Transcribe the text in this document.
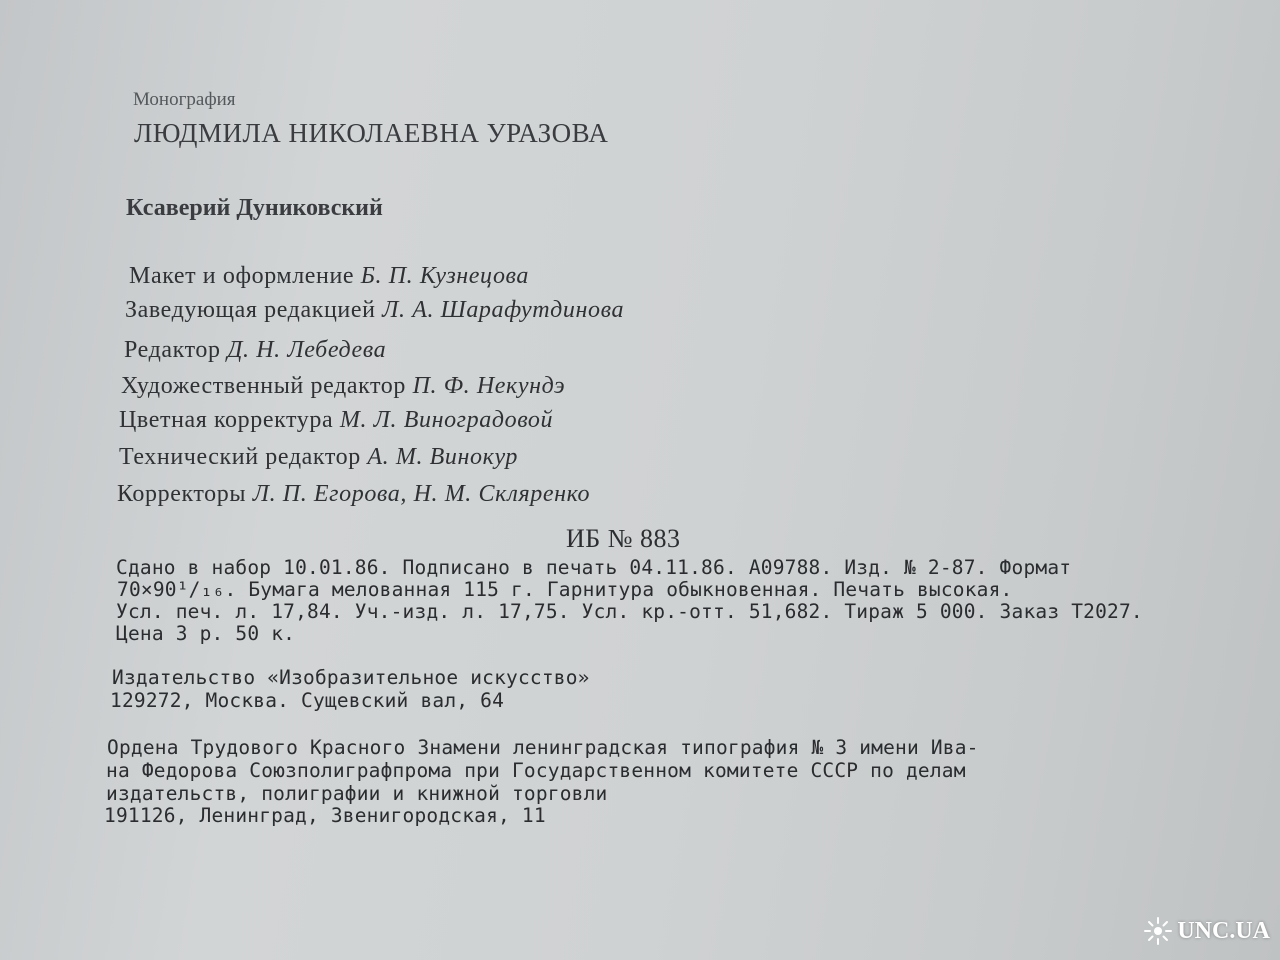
Монография
ЛЮДМИЛА НИКОЛАЕВНА УРАЗОВА
Ксаверий Дуниковский
Макет и оформление Б. П. Кузнецова
Заведующая редакцией Л. А. Шарафутдинова
Редактор Д. Н. Лебедева
Художественный редактор П. Ф. Некундэ
Цветная корректура М. Л. Виноградовой
Технический редактор А. М. Винокур
Корректоры Л. П. Егорова, Н. М. Скляренко
ИБ № 883
Сдано в набор 10.01.86. Подписано в печать 04.11.86. А09788. Изд. № 2-87. Формат
70×90¹/₁₆. Бумага мелованная 115 г. Гарнитура обыкновенная. Печать высокая.
Усл. печ. л. 17,84. Уч.-изд. л. 17,75. Усл. кр.-отт. 51,682. Тираж 5 000. Заказ Т2027.
Цена 3 р. 50 к.
Издательство «Изобразительное искусство»
129272, Москва. Сущевский вал, 64
Ордена Трудового Красного Знамени ленинградская типография № 3 имени Ива-
на Федорова Союзполиграфпрома при Государственном комитете СССР по делам
издательств, полиграфии и книжной торговли
191126, Ленинград, Звенигородская, 11
UNC.UA
